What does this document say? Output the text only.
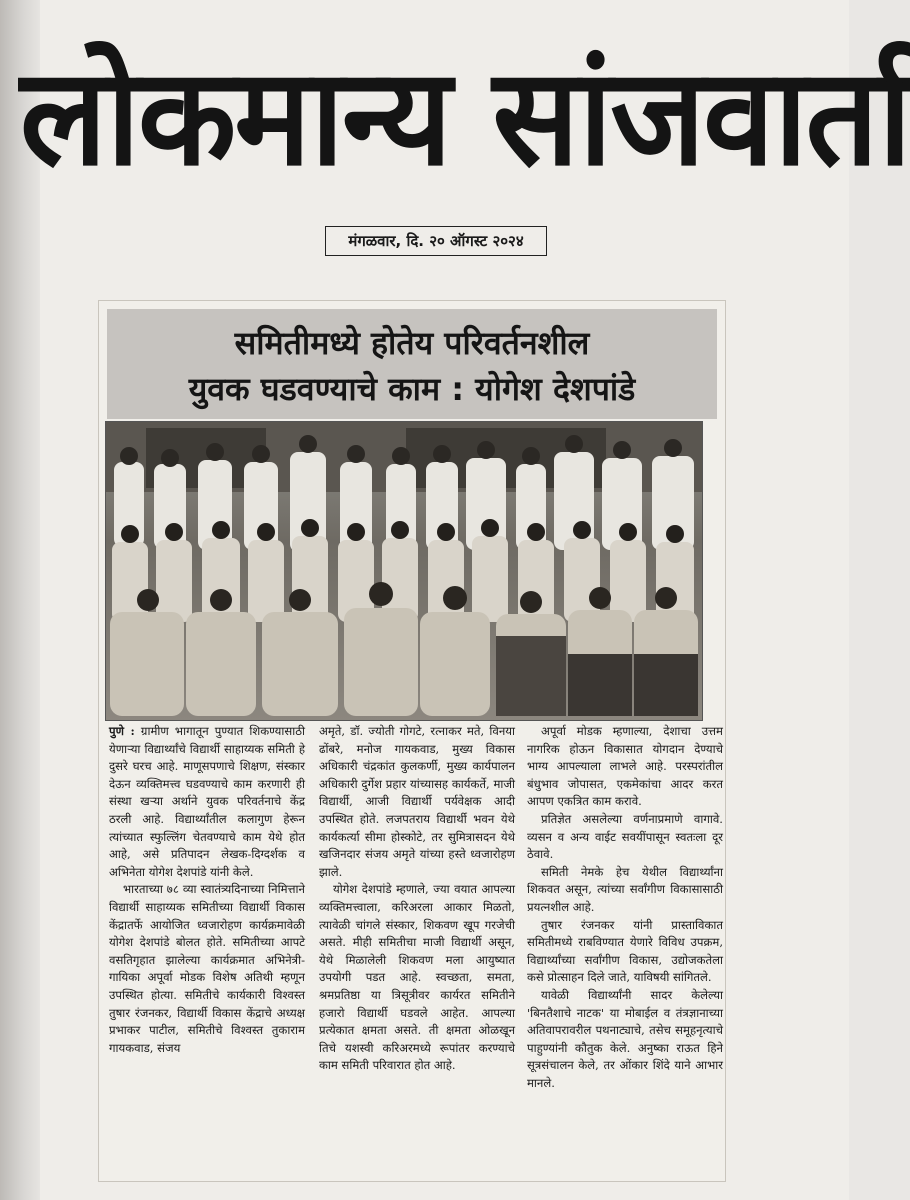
लोकमान्य सांजवार्ता
मंगळवार, दि. २० ऑगस्ट २०२४
समितीमध्ये होतेय परिवर्तनशील
युवक घडवण्याचे काम : योगेश देशपांडे

पुणे : ग्रामीण भागातून पुण्यात शिकण्यासाठी येणाऱ्या विद्यार्थ्यांचे विद्यार्थी साहाय्यक समिती हे दुसरे घरच आहे. माणूसपणाचे शिक्षण, संस्कार देऊन व्यक्तिमत्त्व घडवण्याचे काम करणारी ही संस्था खऱ्या अर्थाने युवक परिवर्तनाचे केंद्र ठरली आहे. विद्यार्थ्यांतील कलागुण हेरून त्यांच्यात स्फुल्लिंग चेतवण्याचे काम येथे होत आहे, असे प्रतिपादन लेखक-दिग्दर्शक व अभिनेता योगेश देशपांडे यांनी केले.

भारताच्या ७८ व्या स्वातंत्र्यदिनाच्या निमित्ताने विद्यार्थी साहाय्यक समितीच्या विद्यार्थी विकास केंद्रातर्फे आयोजित ध्वजारोहण कार्यक्रमावेळी योगेश देशपांडे बोलत होते. समितीच्या आपटे वसतिगृहात झालेल्या कार्यक्रमात अभिनेत्री-गायिका अपूर्वा मोडक विशेष अतिथी म्हणून उपस्थित होत्या. समितीचे कार्यकारी विश्वस्त तुषार रंजनकर, विद्यार्थी विकास केंद्राचे अध्यक्ष प्रभाकर पाटील, समितीचे विश्वस्त तुकाराम गायकवाड, संजय

अमृते, डॉ. ज्योती गोगटे, रत्नाकर मते, विनया ढोंबरे, मनोज गायकवाड, मुख्य विकास अधिकारी चंद्रकांत कुलकर्णी, मुख्य कार्यपालन अधिकारी दुर्गेश प्रहार यांच्यासह कार्यकर्ते, माजी विद्यार्थी, आजी विद्यार्थी पर्यवेक्षक आदी उपस्थित होते. लजपतराय विद्यार्थी भवन येथे कार्यकर्त्या सीमा होस्कोटे, तर सुमित्रासदन येथे खजिनदार संजय अमृते यांच्या हस्ते ध्वजारोहण झाले.

योगेश देशपांडे म्हणाले, ज्या वयात आपल्या व्यक्तिमत्त्वाला, करिअरला आकार मिळतो, त्यावेळी चांगले संस्कार, शिकवण खूप गरजेची असते. मीही समितीचा माजी विद्यार्थी असून, येथे मिळालेली शिकवण मला आयुष्यात उपयोगी पडत आहे. स्वच्छता, समता, श्रमप्रतिष्ठा या त्रिसूत्रीवर कार्यरत समितीने हजारो विद्यार्थी घडवले आहेत. आपल्या प्रत्येकात क्षमता असते. ती क्षमता ओळखून तिचे यशस्वी करिअरमध्ये रूपांतर करण्याचे काम समिती परिवारात होत आहे.

अपूर्वा मोडक म्हणाल्या, देशाचा उत्तम नागरिक होऊन विकासात योगदान देण्याचे भाग्य आपल्याला लाभले आहे. परस्परांतील बंधुभाव जोपासत, एकमेकांचा आदर करत आपण एकत्रित काम करावे.

प्रतिज्ञेत असलेल्या वर्णनाप्रमाणे वागावे. व्यसन व अन्य वाईट सवयींपासून स्वतःला दूर ठेवावे.

समिती नेमके हेच येथील विद्यार्थ्यांना शिकवत असून, त्यांच्या सर्वांगीण विकासासाठी प्रयत्नशील आहे.

तुषार रंजनकर यांनी प्रास्ताविकात समितीमध्ये राबविण्यात येणारे विविध उपक्रम, विद्यार्थ्यांच्या सर्वांगीण विकास, उद्योजकतेला कसे प्रोत्साहन दिले जाते, याविषयी सांगितले.

यावेळी विद्यार्थ्यांनी सादर केलेल्या 'बिनतैशाचे नाटक' या मोबाईल व तंत्रज्ञानाच्या अतिवापरावरील पथनाट्याचे, तसेच समूहनृत्याचे पाहुण्यांनी कौतुक केले. अनुष्का राऊत हिने सूत्रसंचालन केले, तर ओंकार शिंदे याने आभार मानले.
